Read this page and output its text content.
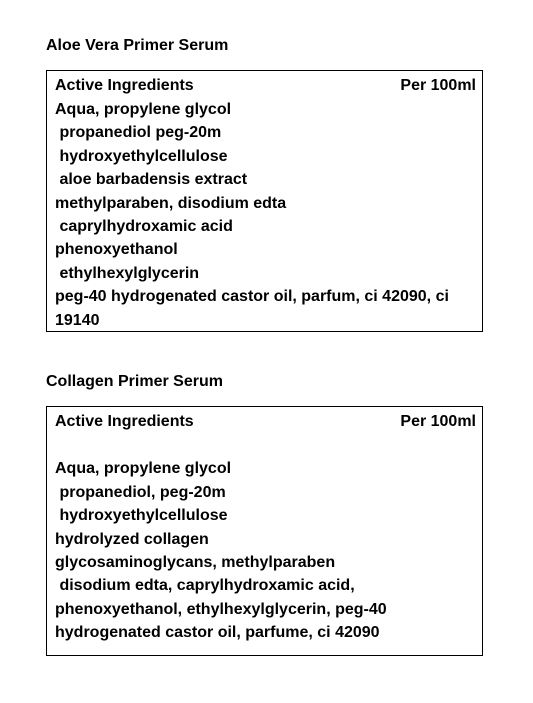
Aloe Vera Primer Serum
Active Ingredients	Per 100ml
Aqua, propylene glycol
propanediol peg-20m
hydroxyethylcellulose
aloe barbadensis extract
methylparaben, disodium edta
caprylhydroxamic acid
phenoxyethanol
ethylhexylglycerin
peg-40 hydrogenated castor oil, parfum, ci 42090, ci
19140
Collagen Primer Serum
Active Ingredients	Per 100ml
Aqua, propylene glycol
propanediol, peg-20m
hydroxyethylcellulose
hydrolyzed collagen
glycosaminoglycans, methylparaben
disodium edta, caprylhydroxamic acid,
phenoxyethanol, ethylhexylglycerin, peg-40
hydrogenated castor oil, parfume, ci 42090
